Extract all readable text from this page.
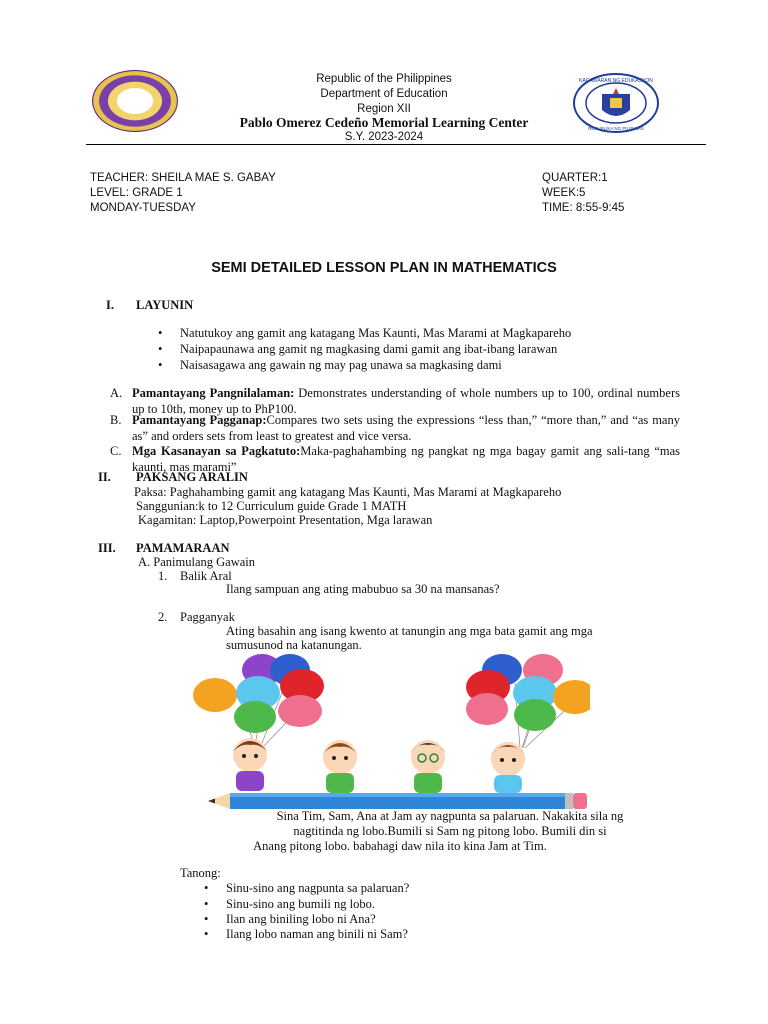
Republic of the Philippines
Department of Education
Region XII
Pablo Omerez Cedeño Memorial Learning Center
S.Y. 2023-2024
KAGAWARAN NG EDUKASYON
REPUBLIKA NG PILIPINAS
TEACHER: SHEILA MAE S. GABAY
LEVEL: GRADE 1
MONDAY-TUESDAY
QUARTER:1
WEEK:5
TIME: 8:55-9:45
SEMI DETAILED LESSON PLAN IN MATHEMATICS
I. LAYUNIN
• Natutukoy ang gamit ang katagang Mas Kaunti, Mas Marami at Magkapareho
• Naipapaunawa ang gamit ng magkasing dami gamit ang ibat-ibang larawan
• Naisasagawa ang gawain ng may pag unawa sa magkasing dami
A. Pamantayang Pangnilalaman: Demonstrates understanding of whole numbers up to 100, ordinal numbers up to 10th, money up to PhP100.
B. Pamantayang Pagganap:Compares two sets using the expressions “less than,” “more than,” and “as many as” and orders sets from least to greatest and vice versa.
C. Mga Kasanayan sa Pagkatuto:Maka-paghahambing ng pangkat ng mga bagay gamit ang sali-tang “mas kaunti, mas marami”
II. PAKSANG ARALIN
Paksa: Paghahambing gamit ang katagang Mas Kaunti, Mas Marami at Magkapareho
Sanggunian:k to 12 Curriculum guide Grade 1 MATH
Kagamitan: Laptop,Powerpoint Presentation, Mga larawan
III. PAMAMARAAN
A. Panimulang Gawain
1. Balik Aral
Ilang sampuan ang ating mabubuo sa 30 na mansanas?
2. Pagganyak
Ating basahin ang isang kwento at tanungin ang mga bata gamit ang mga
sumusunod na katanungan.
Sina Tim, Sam, Ana at Jam ay nagpunta sa palaruan. Nakakita sila ng
nagtitinda ng lobo.Bumili si Sam ng pitong lobo. Bumili din si
Anang pitong lobo. babahagi daw nila ito kina Jam at Tim.
Tanong:
• Sinu-sino ang nagpunta sa palaruan?
• Sinu-sino ang bumili ng lobo.
• Ilan ang biniling lobo ni Ana?
• Ilang lobo naman ang binili ni Sam?
